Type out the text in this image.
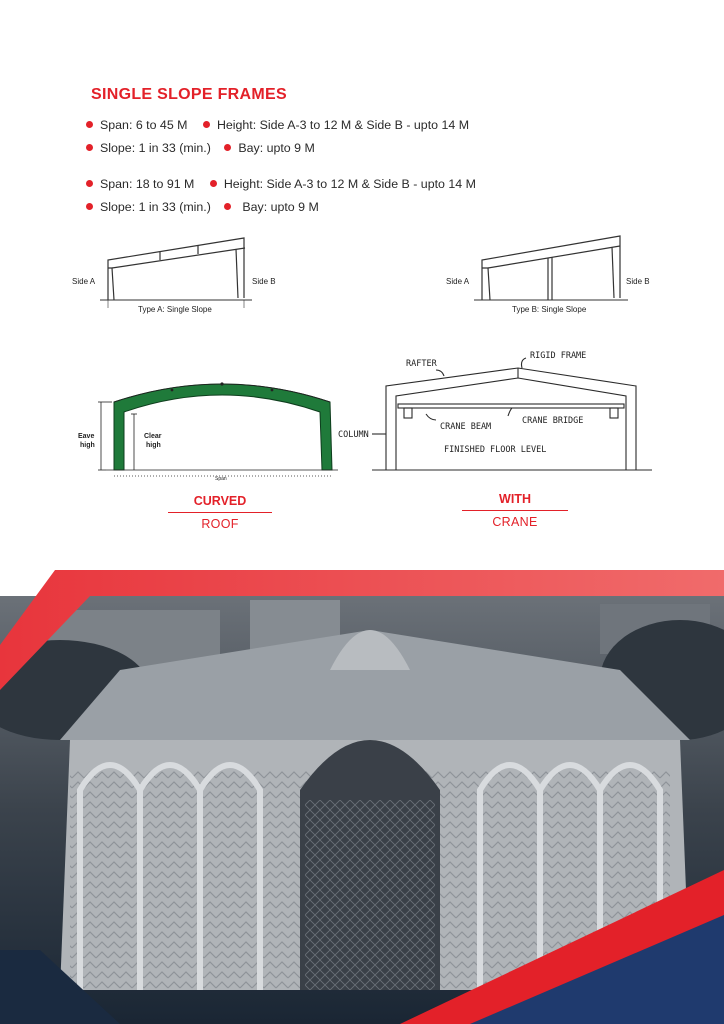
SINGLE SLOPE FRAMES
Span: 6 to 45 M Height: Side A-3 to 12 M & Side B - upto 14 M
Slope: 1 in 33 (min.) Bay: upto 9 M
Span: 18 to 91 M Height: Side A-3 to 12 M & Side B - upto 14 M
Slope: 1 in 33 (min.)	Bay: upto 9 M
Side A	Side B
Type A: Single Slope
Side A	Side B
Type B: Single Slope
Eave
high
Clear
high
Span
RAFTER
RIGID FRAME
COLUMN
CRANE BEAM
CRANE BRIDGE
FINISHED FLOOR LEVEL
CURVED
ROOF
WITH
CRANE
